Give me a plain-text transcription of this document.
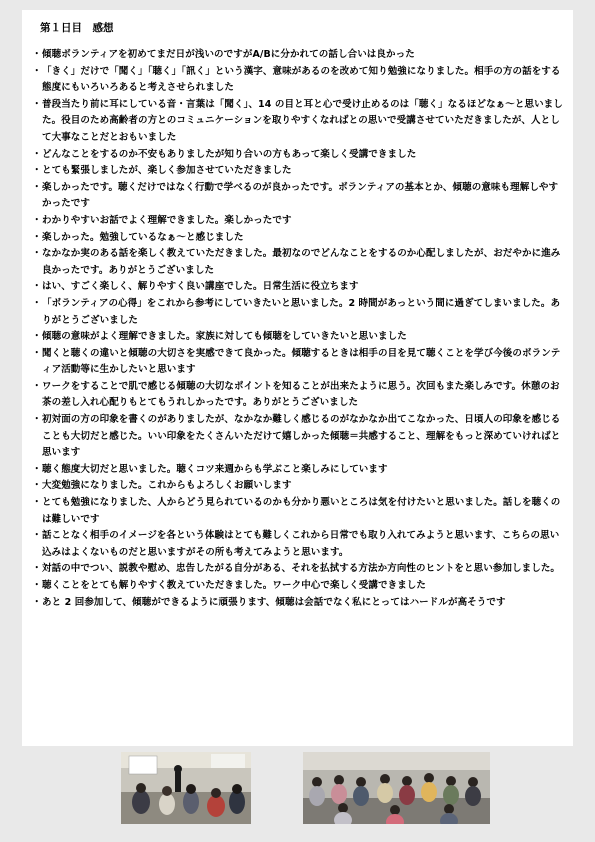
第１日目　感想
・ 傾聴ボランティアを初めてまだ日が浅いのですがA/Bに分かれての話し合いは良かった
・ 「きく」だけで「聞く」「聴く」「訊く」という漢字、意味があるのを改めて知り勉強になりました。相手の方の話をする態度にもいろいろあると考えさせられました
・ 普段当たり前に耳にしている音・言葉は「聞く」、14 の目と耳と心で受け止めるのは「聴く」なるほどなぁ～と思いました。役目のため高齢者の方とのコミュニケーションを取りやすくなればとの思いで受講させていただきましたが、人として大事なことだとおもいました
・ どんなことをするのか不安もありましたが知り合いの方もあって楽しく受講できました
・ とても緊張しましたが、楽しく参加させていただきました
・ 楽しかったです。聴くだけではなく行動で学べるのが良かったです。ボランティアの基本とか、傾聴の意味も理解しやすかったです
・ わかりやすいお話でよく理解できました。楽しかったです
・ 楽しかった。勉強しているなぁ～と感じました
・ なかなか実のある話を楽しく教えていただきました。最初なのでどんなことをするのか心配しましたが、おだやかに進み良かったです。ありがとうございました
・ はい、すごく楽しく、解りやすく良い講座でした。日常生活に役立ちます
・ 「ボランティアの心得」をこれから参考にしていきたいと思いました。2 時間があっという間に過ぎてしまいました。ありがとうございました
・ 傾聴の意味がよく理解できました。家族に対しても傾聴をしていきたいと思いました
・ 聞くと聴くの違いと傾聴の大切さを実感できて良かった。傾聴するときは相手の目を見て聴くことを学び今後のボランティア活動等に生かしたいと思います
・ ワークをすることで肌で感じる傾聴の大切なポイントを知ることが出来たように思う。次回もまた楽しみです。休憩のお茶の差し入れ心配りもとてもうれしかったです。ありがとうございました
・ 初対面の方の印象を書くのがありましたが、なかなか難しく感じるのがなかなか出てこなかった、日頃人の印象を感じることも大切だと感じた。いい印象をたくさんいただけて嬉しかった傾聴＝共感すること、理解をもっと深めていければと思います
・ 聴く態度大切だと思いました。聴くコツ来週からも学ぶこと楽しみにしています
・ 大変勉強になりました。これからもよろしくお願いします
・ とても勉強になりました、人からどう見られているのかも分かり悪いところは気を付けたいと思いました。話しを聴くのは難しいです
・ 話ことなく相手のイメージを各という体験はとても難しくこれから日常でも取り入れてみようと思います、こちらの思い込みはよくないものだと思いますがその所も考えてみようと思います。
・ 対話の中でつい、説教や慰め、忠告したがる自分がある、それを払拭する方法か方向性のヒントをと思い参加しました。
・ 聴くことをとても解りやすく教えていただきました。ワーク中心で楽しく受講できました
・ あと 2 回参加して、傾聴ができるように頑張ります、傾聴は会話でなく私にとってはハードルが高そうです
